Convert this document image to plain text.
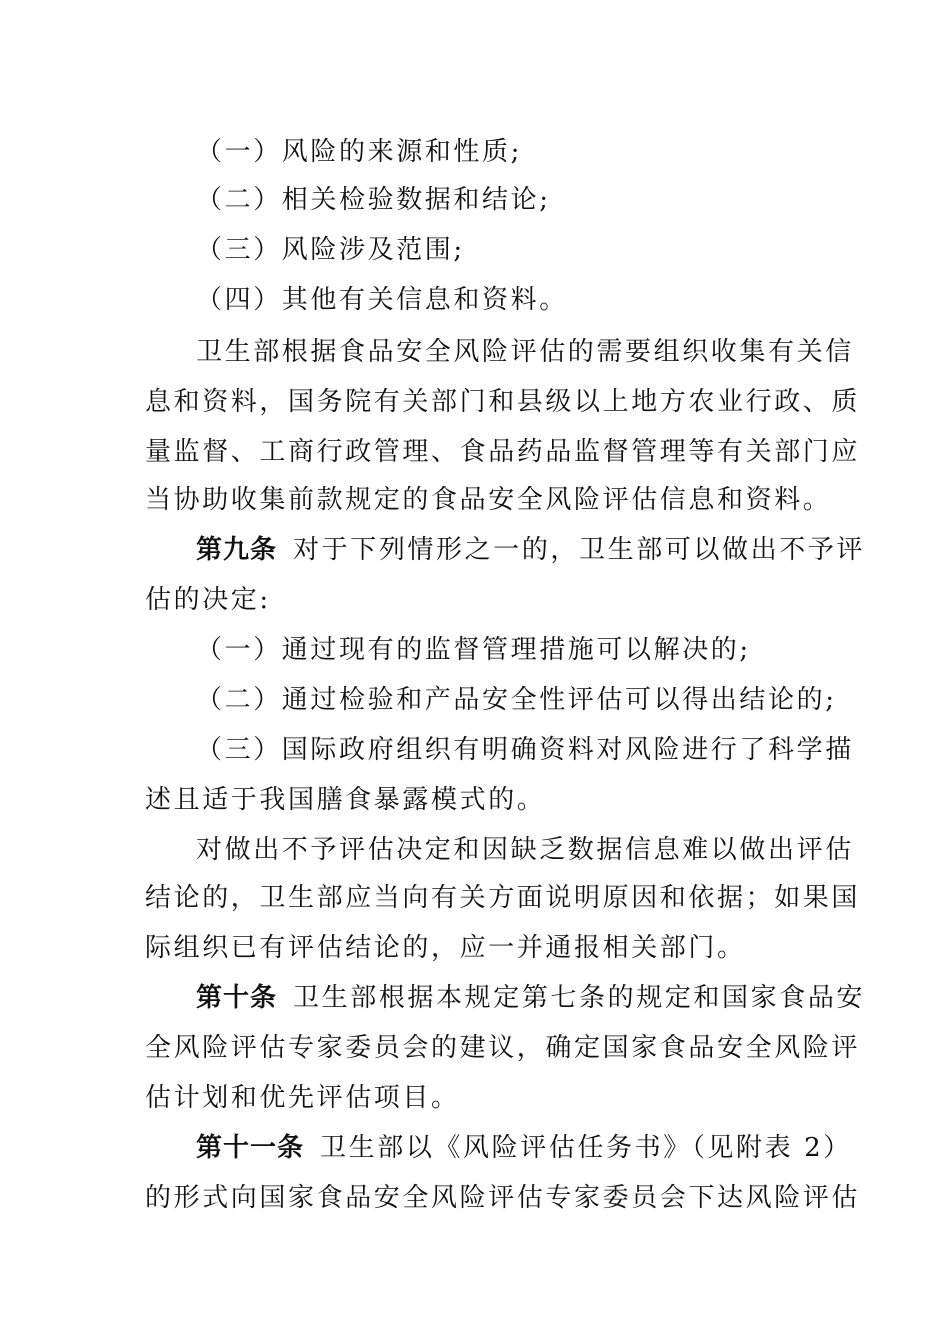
（一）风险的来源和性质;
（二）相关检验数据和结论;
（三）风险涉及范围;
（四）其他有关信息和资料。
卫生部根据食品安全风险评估的需要组织收集有关信
息和资料，国务院有关部门和县级以上地方农业行政、质
量监督、工商行政管理、食品药品监督管理等有关部门应
当协助收集前款规定的食品安全风险评估信息和资料。
第九条 对于下列情形之一的，卫生部可以做出不予评
估的决定:
（一）通过现有的监督管理措施可以解决的;
（二）通过检验和产品安全性评估可以得出结论的;
（三）国际政府组织有明确资料对风险进行了科学描
述且适于我国膳食暴露模式的。
对做出不予评估决定和因缺乏数据信息难以做出评估
结论的，卫生部应当向有关方面说明原因和依据；如果国
际组织已有评估结论的，应一并通报相关部门。
第十条 卫生部根据本规定第七条的规定和国家食品安
全风险评估专家委员会的建议，确定国家食品安全风险评
估计划和优先评估项目。
第十一条 卫生部以《风险评估任务书》（见附表 2）
的形式向国家食品安全风险评估专家委员会下达风险评估
